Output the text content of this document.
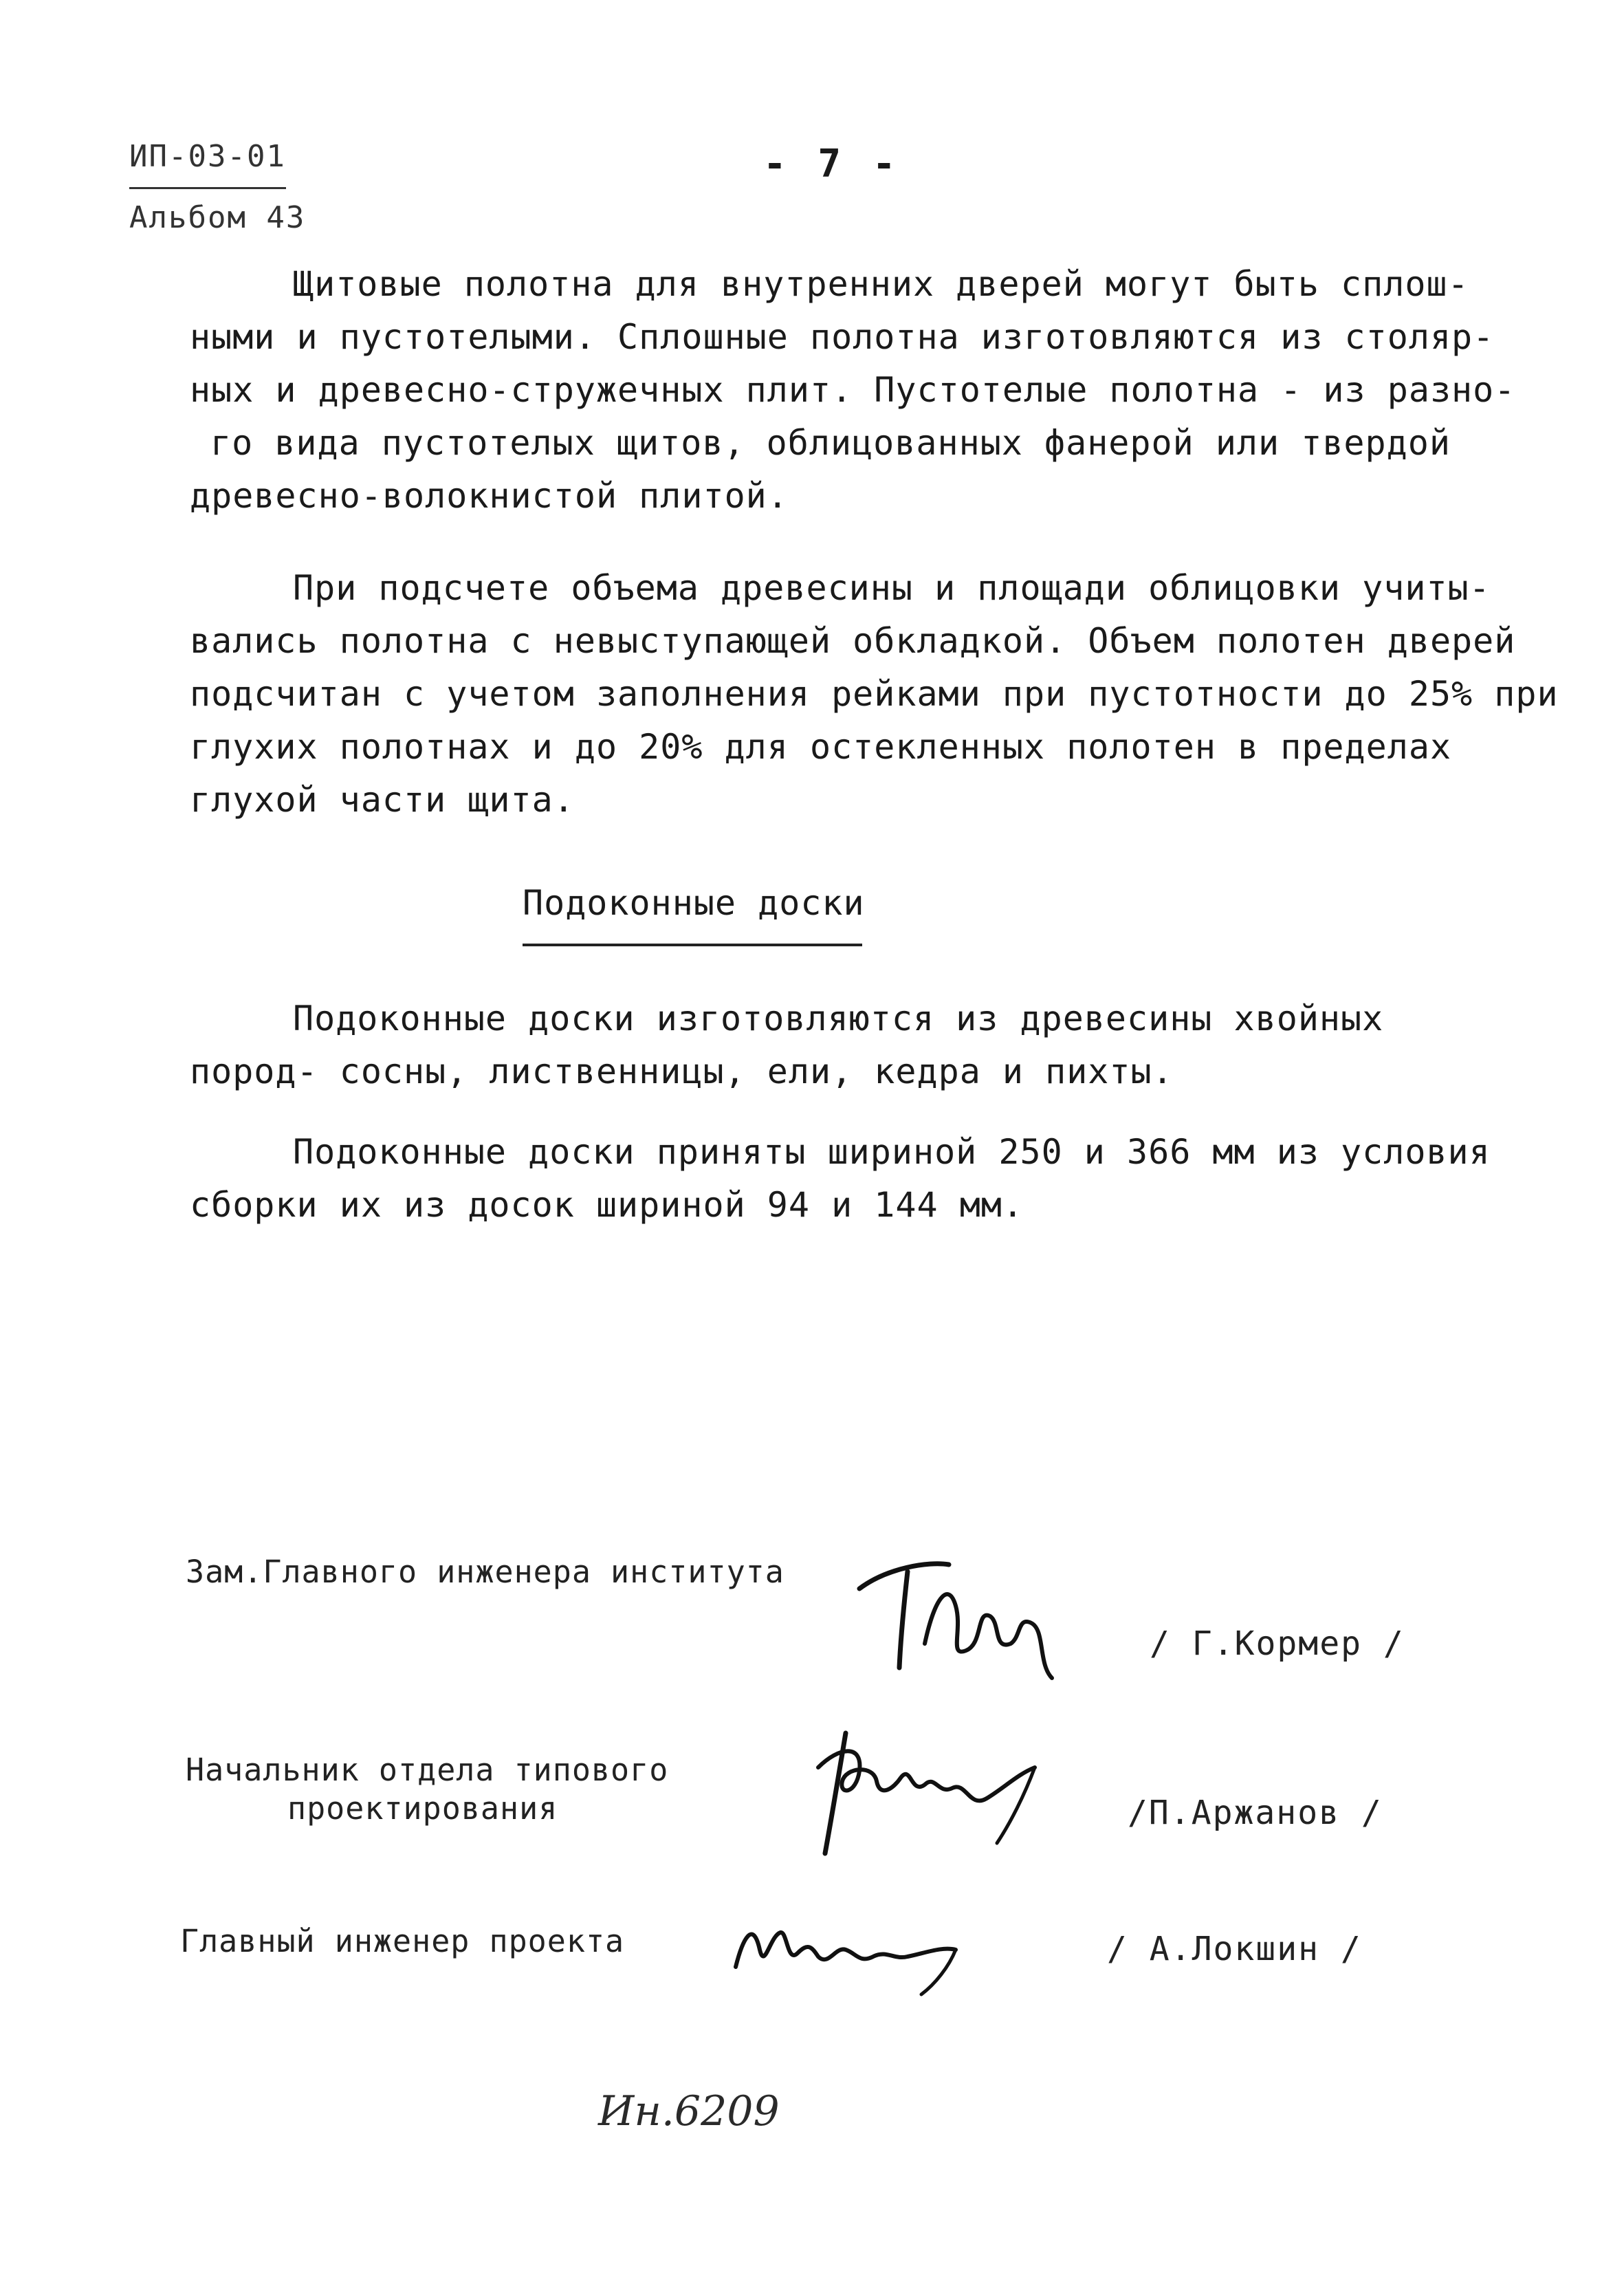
ИП-03-01
Альбом 43
- 7 -
Щитовые полотна для внутренних дверей могут быть сплош-
ными и пустотелыми. Сплошные полотна изготовляются из столяр-
ных и древесно-стружечных плит. Пустотелые полотна - из разно-
го вида пустотелых щитов, облицованных фанерой или твердой
древесно-волокнистой плитой.
При подсчете объема древесины и площади облицовки учиты-
вались полотна с невыступающей обкладкой. Объем полотен дверей
подсчитан с учетом заполнения рейками при пустотности до 25% при
глухих полотнах и до 20% для остекленных полотен в пределах
глухой части щита.
Подоконные доски
Подоконные доски изготовляются из древесины хвойных
пород- сосны, лиственницы, ели, кедра и пихты.
Подоконные доски приняты шириной 250 и 366 мм из условия
сборки их из досок шириной 94 и 144 мм.
Зам.Главного инженера института
/ Г.Кормер /
Начальник отдела типового
проектирования	/П.Аржанов /
Главный инженер проекта	/ А.Локшин /
Ин.6209
